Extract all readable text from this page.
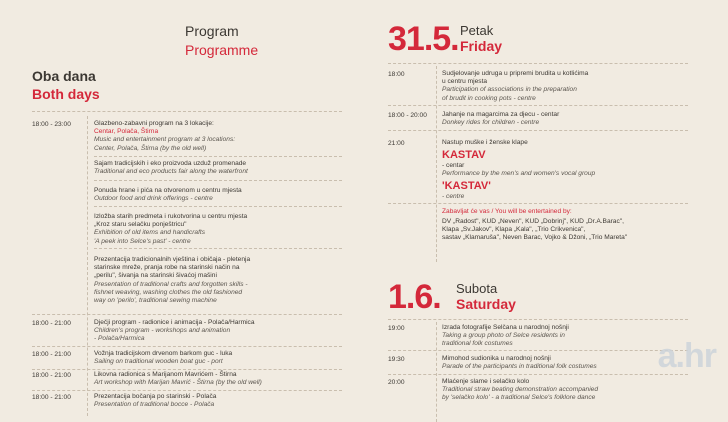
Program
Programme
Oba dana
Both days
18:00 - 23:00	Glazbeno-zabavni program na 3 lokacije:
Centar, Polača, Štirna
Music and entertainment program at 3 locations:
Center, Polača, Štirna (by the old well)
Sajam tradicijskih i eko proizvoda uzduž promenade
Traditional and eco products fair along the waterfront
Ponuda hrane i pića na otvorenom u centru mjesta
Outdoor food and drink offerings - centre
Izložba starih predmeta i rukotvorina u centru mjesta
„Kroz staru selačku ponještricu"
Exhibition of old items and handicrafts
'A peek into Selce's past' - centre
Prezentacija tradicionalnih vještina i običaja - pletenja
starinske mreže, pranja robe na starinski način na
„perilu", šivanja na starinski šivaćoj mašini
Presentation of traditional crafts and forgotten skills -
fishnet weaving, washing clothes the old fashioned
way on 'perilo', traditional sewing machine
18:00 - 21:00	Dječji program - radionice i animacija - Polača/Harmica
Children's program - workshops and animation
- Polača/Harmica
18:00 - 21:00	Vožnja tradicijskom drvenom barkom guc - luka
Sailing on traditional wooden boat guc - port
18:00 - 21:00	Likovna radionica s Marijanom Mavrićem - Štirna
Art workshop with Marijan Mavrić - Štirna (by the old well)
18:00 - 21:00	Prezentacija bočanja po starinski - Polača
Presentation of traditional bocce - Polača
31.5. Petak
Friday
18:00	Sudjelovanje udruga u pripremi brudita u kotlićima
u centru mjesta
Participation of associations in the preparation
of brudit in cooking pots - centre
18:00 - 20:00 Jahanje na magarcima za djecu - centar
Donkey rides for children - centre
21:00	Nastup muške i ženske klape
KASTAV
- centar
Performance by the men's and women's vocal group
'KASTAV'
- centre
Zabavljat će vas / You will be entertained by:
DV „Radost", KUD „Neven", KUD „Dobrinj", KUD „Dr.A.Barac",
Klapa „Sv.Jakov", Klapa „Kala", „Trio Crikvenica",
sastav „Klamaruša", Neven Barac, Vojko & Džoni, „Trio Mareta"
1.6. Subota
Saturday
19:00	Izrada fotografije Selčana u narodnoj nošnji
Taking a group photo of Selce residents in
traditional folk costumes
19:30	Mimohod sudionika u narodnoj nošnji
Parade of the participants in traditional folk costumes
20:00	Mlaćenje slame i selačko kolo
Traditional straw beating demonstration accompanied
by 'selačko kolo' - a traditional Selce's folklore dance
a.hr
